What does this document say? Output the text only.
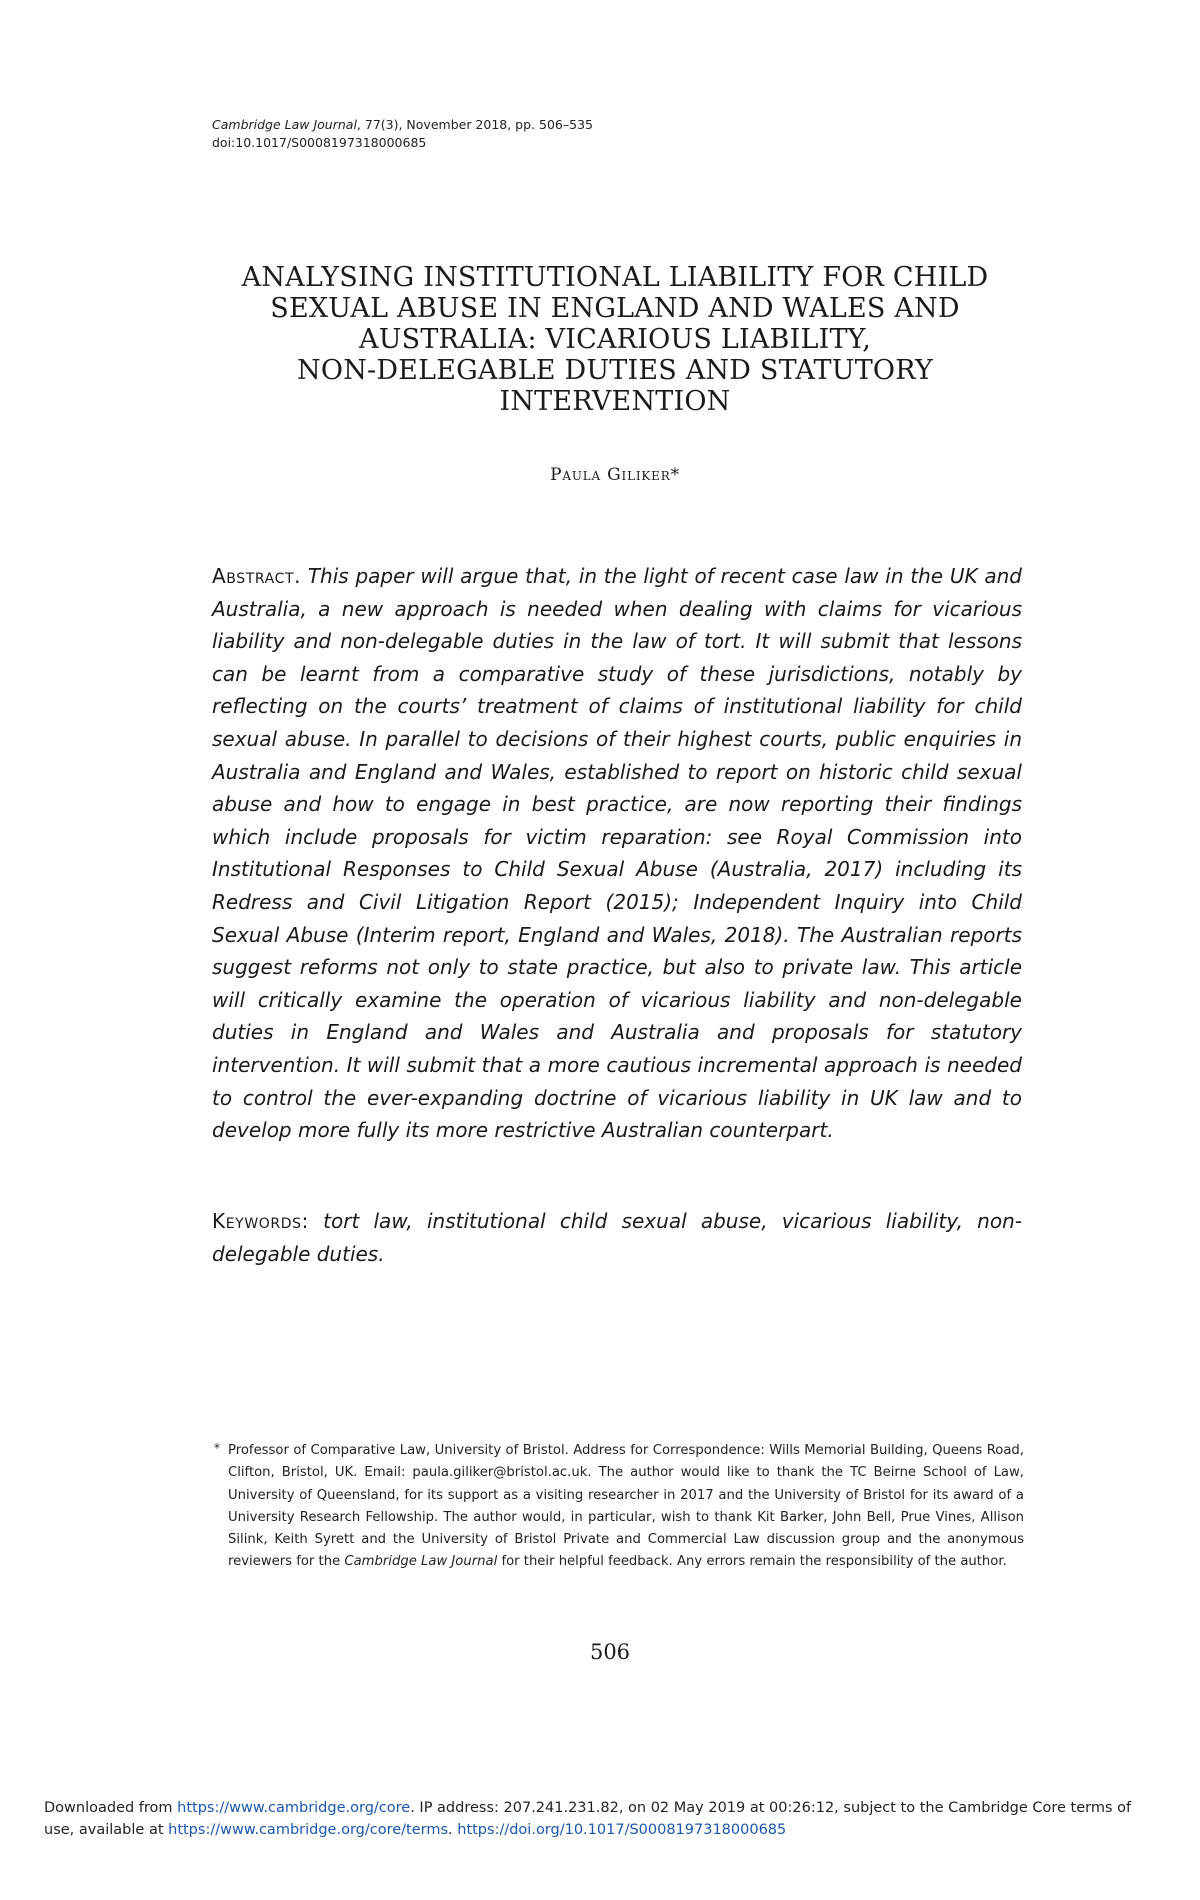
Cambridge Law Journal, 77(3), November 2018, pp. 506–535
doi:10.1017/S0008197318000685
ANALYSING INSTITUTIONAL LIABILITY FOR CHILD
SEXUAL ABUSE IN ENGLAND AND WALES AND
AUSTRALIA: VICARIOUS LIABILITY,
NON-DELEGABLE DUTIES AND STATUTORY
INTERVENTION
Paula Giliker*
Abstract. This paper will argue that, in the light of recent case law in the UK and Australia, a new approach is needed when dealing with claims for vicarious liability and non-delegable duties in the law of tort. It will submit that lessons can be learnt from a comparative study of these jurisdictions, notably by reflecting on the courts’ treatment of claims of institutional liability for child sexual abuse. In parallel to decisions of their highest courts, public enquiries in Australia and England and Wales, established to report on historic child sexual abuse and how to engage in best practice, are now reporting their findings which include proposals for victim reparation: see Royal Commission into Institutional Responses to Child Sexual Abuse (Australia, 2017) including its Redress and Civil Litigation Report (2015); Independent Inquiry into Child Sexual Abuse (Interim report, England and Wales, 2018). The Australian reports suggest reforms not only to state practice, but also to private law. This article will critically examine the operation of vicarious liability and non-delegable duties in England and Wales and Australia and proposals for statutory intervention. It will submit that a more cautious incremental approach is needed to control the ever-expanding doctrine of vicarious liability in UK law and to develop more fully its more restrictive Australian counterpart.
Keywords: tort law, institutional child sexual abuse, vicarious liability, non-delegable duties.
* Professor of Comparative Law, University of Bristol. Address for Correspondence: Wills Memorial Building, Queens Road, Clifton, Bristol, UK. Email: paula.giliker@bristol.ac.uk. The author would like to thank the TC Beirne School of Law, University of Queensland, for its support as a visiting researcher in 2017 and the University of Bristol for its award of a University Research Fellowship. The author would, in particular, wish to thank Kit Barker, John Bell, Prue Vines, Allison Silink, Keith Syrett and the University of Bristol Private and Commercial Law discussion group and the anonymous reviewers for the Cambridge Law Journal for their helpful feedback. Any errors remain the responsibility of the author.
506
Downloaded from https://www.cambridge.org/core. IP address: 207.241.231.82, on 02 May 2019 at 00:26:12, subject to the Cambridge Core terms of use, available at https://www.cambridge.org/core/terms. https://doi.org/10.1017/S0008197318000685
